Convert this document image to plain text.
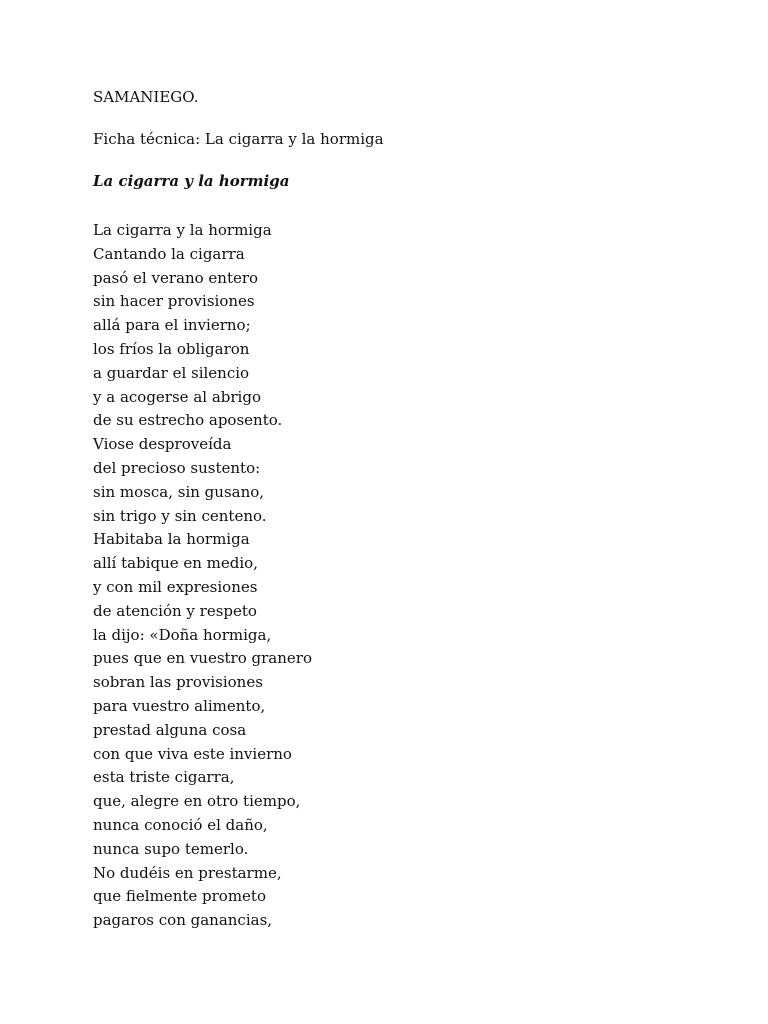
SAMANIEGO.

Ficha técnica: La cigarra y la hormiga

La cigarra y la hormiga

La cigarra y la hormiga
Cantando la cigarra
pasó el verano entero
sin hacer provisiones
allá para el invierno;
los fríos la obligaron
a guardar el silencio
y a acogerse al abrigo
de su estrecho aposento.
Viose desproveída
del precioso sustento:
sin mosca, sin gusano,
sin trigo y sin centeno.
Habitaba la hormiga
allí tabique en medio,
y con mil expresiones
de atención y respeto
la dijo: «Doña hormiga,
pues que en vuestro granero
sobran las provisiones
para vuestro alimento,
prestad alguna cosa
con que viva este invierno
esta triste cigarra,
que, alegre en otro tiempo,
nunca conoció el daño,
nunca supo temerlo.
No dudéis en prestarme,
que fielmente prometo
pagaros con ganancias,
